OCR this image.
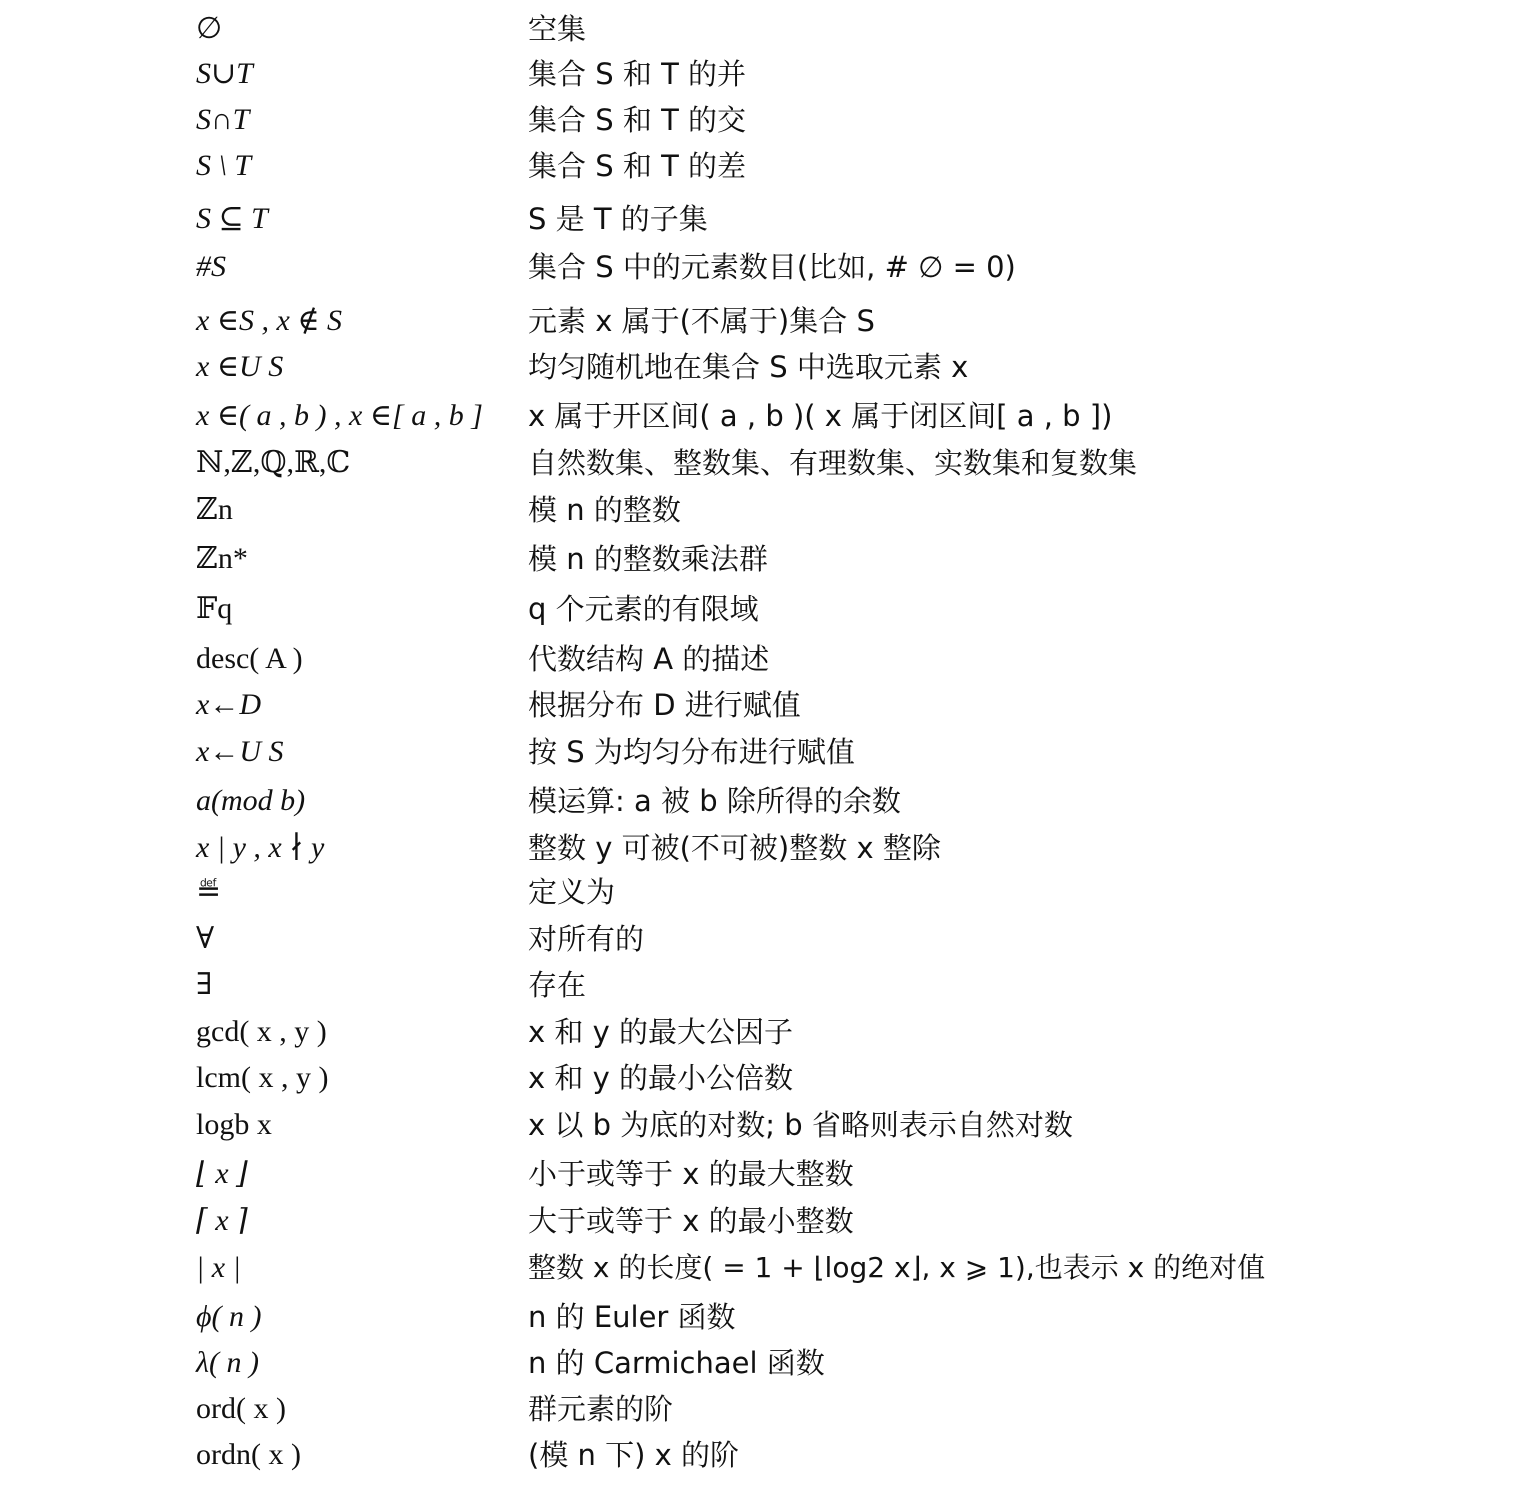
∅	空集
S∪T	集合 S 和 T 的并
S∩T	集合 S 和 T 的交
S \ T	集合 S 和 T 的差
S ⊆ T	S 是 T 的子集
#S	集合 S 中的元素数目(比如, # ∅ = 0)
x ∈S , x ∉ S	元素 x 属于(不属于)集合 S
x ∈U S	均匀随机地在集合 S 中选取元素 x
x ∈( a , b ) , x ∈[ a , b ]	x 属于开区间( a , b )( x 属于闭区间[ a , b ])
ℕ,ℤ,ℚ,ℝ,ℂ	自然数集、整数集、有理数集、实数集和复数集
ℤn	模 n 的整数
ℤn*	模 n 的整数乘法群
𝔽q	q 个元素的有限域
desc( A )	代数结构 A 的描述
x←D	根据分布 D 进行赋值
x←U S	按 S 为均匀分布进行赋值
a(mod b)	模运算: a 被 b 除所得的余数
x | y , x ∤ y	整数 y 可被(不可被)整数 x 整除
≝	定义为
∀	对所有的
∃	存在
gcd( x , y )	x 和 y 的最大公因子
lcm( x , y )	x 和 y 的最小公倍数
logb x	x 以 b 为底的对数; b 省略则表示自然对数
⌊ x ⌋	小于或等于 x 的最大整数
⌈ x ⌉	大于或等于 x 的最小整数
| x |	整数 x 的长度( = 1 + ⌊log2 x⌋, x ⩾ 1),也表示 x 的绝对值
ϕ( n )	n 的 Euler 函数
λ( n )	n 的 Carmichael 函数
ord( x )	群元素的阶
ordn( x )	(模 n 下) x 的阶
